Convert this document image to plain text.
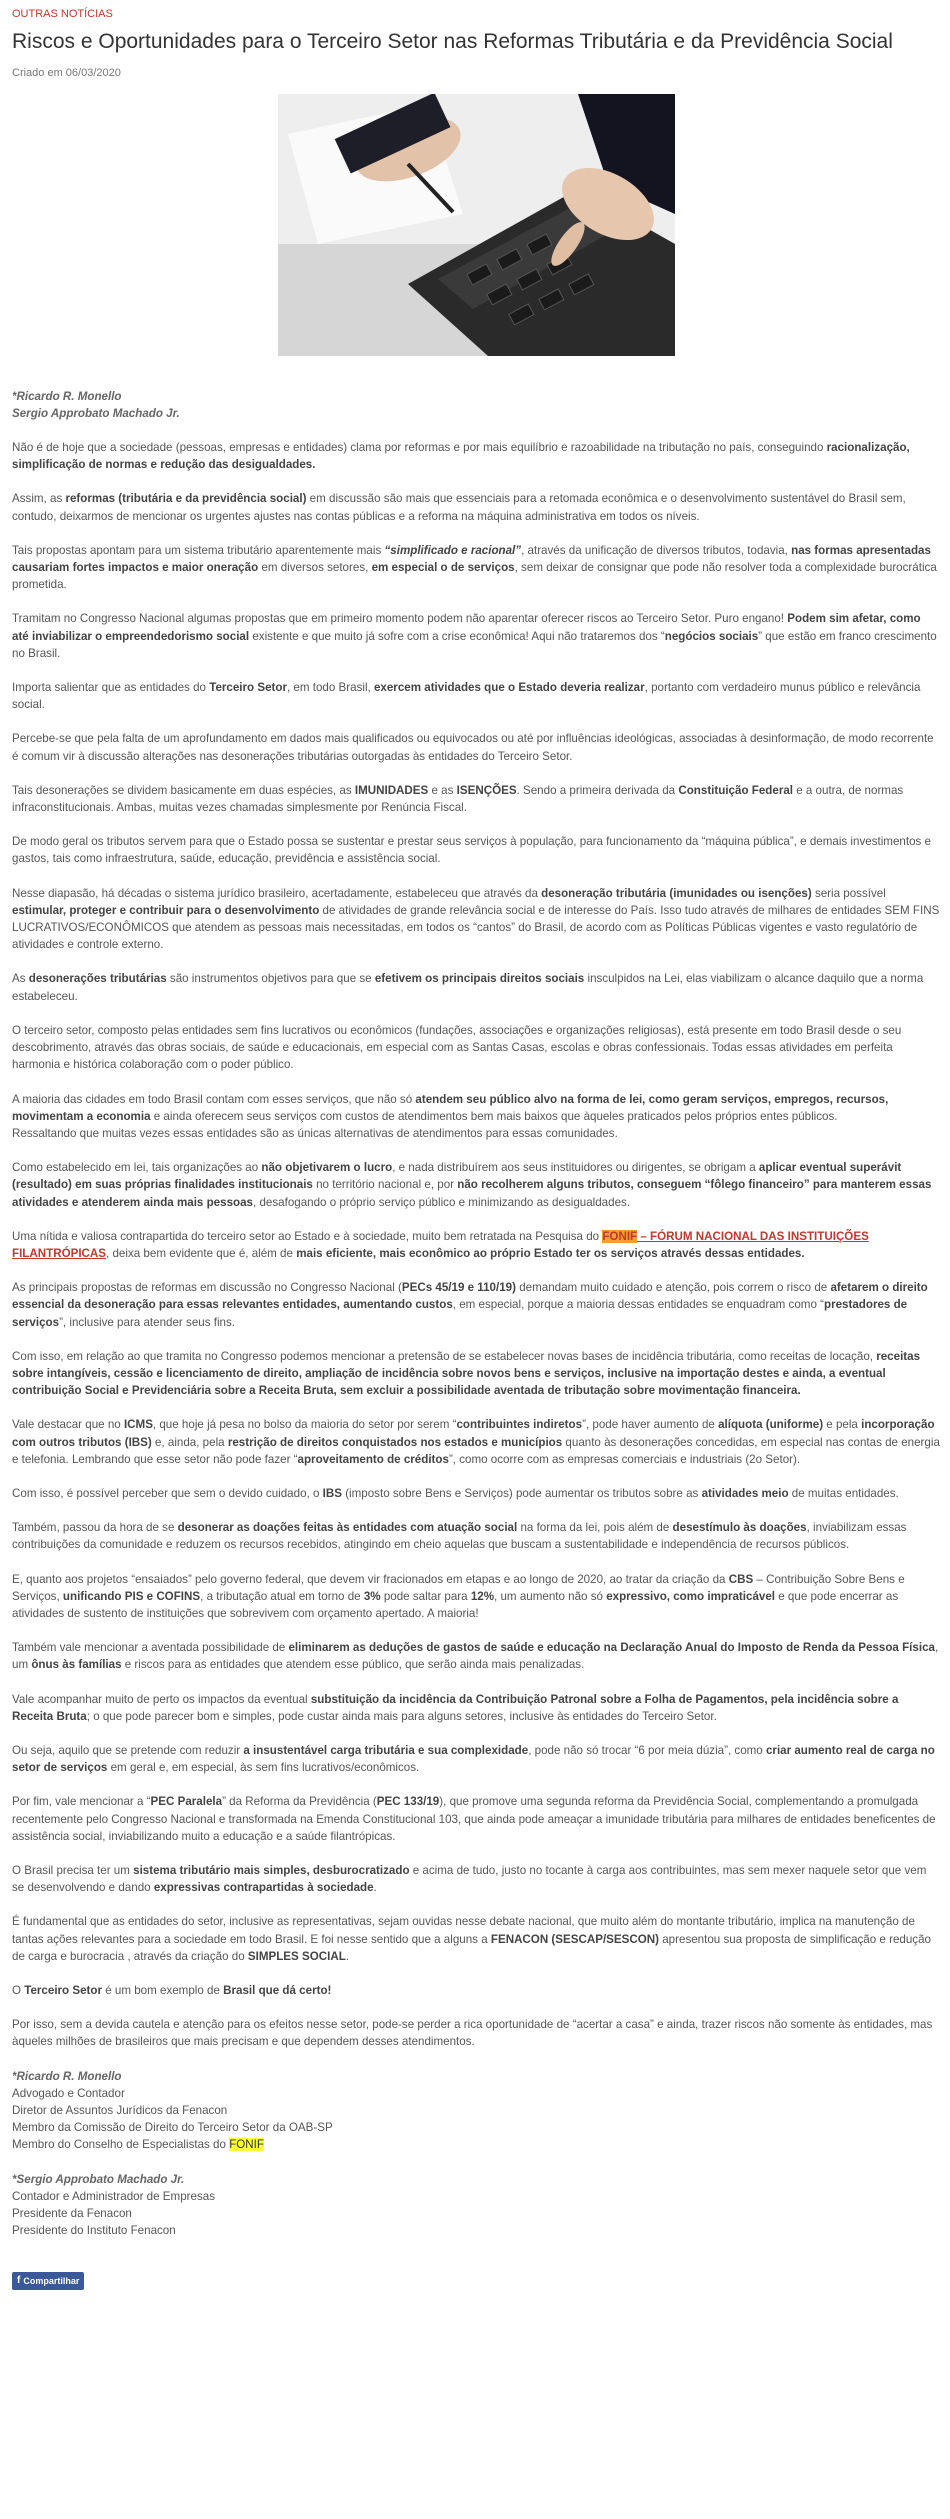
OUTRAS NOTÍCIAS
Riscos e Oportunidades para o Terceiro Setor nas Reformas Tributária e da Previdência Social
Criado em 06/03/2020
*Ricardo R. Monello
Sergio Approbato Machado Jr.
Não é de hoje que a sociedade (pessoas, empresas e entidades) clama por reformas e por mais equilíbrio e razoabilidade na tributação no país, conseguindo racionalização, simplificação de normas e redução das desigualdades.
Assim, as reformas (tributária e da previdência social) em discussão são mais que essenciais para a retomada econômica e o desenvolvimento sustentável do Brasil sem, contudo, deixarmos de mencionar os urgentes ajustes nas contas públicas e a reforma na máquina administrativa em todos os níveis.
Tais propostas apontam para um sistema tributário aparentemente mais “simplificado e racional”, através da unificação de diversos tributos, todavia, nas formas apresentadas causariam fortes impactos e maior oneração em diversos setores, em especial o de serviços, sem deixar de consignar que pode não resolver toda a complexidade burocrática prometida.
Tramitam no Congresso Nacional algumas propostas que em primeiro momento podem não aparentar oferecer riscos ao Terceiro Setor. Puro engano! Podem sim afetar, como até inviabilizar o empreendedorismo social existente e que muito já sofre com a crise econômica! Aqui não trataremos dos “negócios sociais” que estão em franco crescimento no Brasil.
Importa salientar que as entidades do Terceiro Setor, em todo Brasil, exercem atividades que o Estado deveria realizar, portanto com verdadeiro munus público e relevância social.
Percebe-se que pela falta de um aprofundamento em dados mais qualificados ou equivocados ou até por influências ideológicas, associadas à desinformação, de modo recorrente é comum vir à discussão alterações nas desonerações tributárias outorgadas às entidades do Terceiro Setor.
Tais desonerações se dividem basicamente em duas espécies, as IMUNIDADES e as ISENÇÕES. Sendo a primeira derivada da Constituição Federal e a outra, de normas infraconstitucionais. Ambas, muitas vezes chamadas simplesmente por Renúncia Fiscal.
De modo geral os tributos servem para que o Estado possa se sustentar e prestar seus serviços à população, para funcionamento da “máquina pública”, e demais investimentos e gastos, tais como infraestrutura, saúde, educação, previdência e assistência social.
Nesse diapasão, há décadas o sistema jurídico brasileiro, acertadamente, estabeleceu que através da desoneração tributária (imunidades ou isenções) seria possível estimular, proteger e contribuir para o desenvolvimento de atividades de grande relevância social e de interesse do País. Isso tudo através de milhares de entidades SEM FINS LUCRATIVOS/ECONÔMICOS que atendem as pessoas mais necessitadas, em todos os “cantos” do Brasil, de acordo com as Políticas Públicas vigentes e vasto regulatório de atividades e controle externo.
As desonerações tributárias são instrumentos objetivos para que se efetivem os principais direitos sociais insculpidos na Lei, elas viabilizam o alcance daquilo que a norma estabeleceu.
O terceiro setor, composto pelas entidades sem fins lucrativos ou econômicos (fundações, associações e organizações religiosas), está presente em todo Brasil desde o seu descobrimento, através das obras sociais, de saúde e educacionais, em especial com as Santas Casas, escolas e obras confessionais. Todas essas atividades em perfeita harmonia e histórica colaboração com o poder público.
A maioria das cidades em todo Brasil contam com esses serviços, que não só atendem seu público alvo na forma de lei, como geram serviços, empregos, recursos, movimentam a economia e ainda oferecem seus serviços com custos de atendimentos bem mais baixos que àqueles praticados pelos próprios entes públicos.
Ressaltando que muitas vezes essas entidades são as únicas alternativas de atendimentos para essas comunidades.
Como estabelecido em lei, tais organizações ao não objetivarem o lucro, e nada distribuírem aos seus instituidores ou dirigentes, se obrigam a aplicar eventual superávit (resultado) em suas próprias finalidades institucionais no território nacional e, por não recolherem alguns tributos, conseguem “fôlego financeiro” para manterem essas atividades e atenderem ainda mais pessoas, desafogando o próprio serviço público e minimizando as desigualdades.
Uma nítida e valiosa contrapartida do terceiro setor ao Estado e à sociedade, muito bem retratada na Pesquisa do FONIF – FÓRUM NACIONAL DAS INSTITUIÇÕES FILANTRÓPICAS, deixa bem evidente que é, além de mais eficiente, mais econômico ao próprio Estado ter os serviços através dessas entidades.
As principais propostas de reformas em discussão no Congresso Nacional (PECs 45/19 e 110/19) demandam muito cuidado e atenção, pois correm o risco de afetarem o direito essencial da desoneração para essas relevantes entidades, aumentando custos, em especial, porque a maioria dessas entidades se enquadram como “prestadores de serviços”, inclusive para atender seus fins.
Com isso, em relação ao que tramita no Congresso podemos mencionar a pretensão de se estabelecer novas bases de incidência tributária, como receitas de locação, receitas sobre intangíveis, cessão e licenciamento de direito, ampliação de incidência sobre novos bens e serviços, inclusive na importação destes e ainda, a eventual contribuição Social e Previdenciária sobre a Receita Bruta, sem excluir a possibilidade aventada de tributação sobre movimentação financeira.
Vale destacar que no ICMS, que hoje já pesa no bolso da maioria do setor por serem “contribuintes indiretos”, pode haver aumento de alíquota (uniforme) e pela incorporação com outros tributos (IBS) e, ainda, pela restrição de direitos conquistados nos estados e municípios quanto às desonerações concedidas, em especial nas contas de energia e telefonia. Lembrando que esse setor não pode fazer “aproveitamento de créditos”, como ocorre com as empresas comerciais e industriais (2o Setor).
Com isso, é possível perceber que sem o devido cuidado, o IBS (imposto sobre Bens e Serviços) pode aumentar os tributos sobre as atividades meio de muitas entidades.
Também, passou da hora de se desonerar as doações feitas às entidades com atuação social na forma da lei, pois além de desestímulo às doações, inviabilizam essas contribuições da comunidade e reduzem os recursos recebidos, atingindo em cheio aquelas que buscam a sustentabilidade e independência de recursos públicos.
E, quanto aos projetos “ensaiados” pelo governo federal, que devem vir fracionados em etapas e ao longo de 2020, ao tratar da criação da CBS – Contribuição Sobre Bens e Serviços, unificando PIS e COFINS, a tributação atual em torno de 3% pode saltar para 12%, um aumento não só expressivo, como impraticável e que pode encerrar as atividades de sustento de instituições que sobrevivem com orçamento apertado. A maioria!
Também vale mencionar a aventada possibilidade de eliminarem as deduções de gastos de saúde e educação na Declaração Anual do Imposto de Renda da Pessoa Física, um ônus às famílias e riscos para as entidades que atendem esse público, que serão ainda mais penalizadas.
Vale acompanhar muito de perto os impactos da eventual substituição da incidência da Contribuição Patronal sobre a Folha de Pagamentos, pela incidência sobre a Receita Bruta; o que pode parecer bom e simples, pode custar ainda mais para alguns setores, inclusive às entidades do Terceiro Setor.
Ou seja, aquilo que se pretende com reduzir a insustentável carga tributária e sua complexidade, pode não só trocar “6 por meia dúzia”, como criar aumento real de carga no setor de serviços em geral e, em especial, às sem fins lucrativos/econômicos.
Por fim, vale mencionar a “PEC Paralela” da Reforma da Previdência (PEC 133/19), que promove uma segunda reforma da Previdência Social, complementando a promulgada recentemente pelo Congresso Nacional e transformada na Emenda Constitucional 103, que ainda pode ameaçar a imunidade tributária para milhares de entidades beneficentes de assistência social, inviabilizando muito a educação e a saúde filantrópicas.
O Brasil precisa ter um sistema tributário mais simples, desburocratizado e acima de tudo, justo no tocante à carga aos contribuintes, mas sem mexer naquele setor que vem se desenvolvendo e dando expressivas contrapartidas à sociedade.
É fundamental que as entidades do setor, inclusive as representativas, sejam ouvidas nesse debate nacional, que muito além do montante tributário, implica na manutenção de tantas ações relevantes para a sociedade em todo Brasil. E foi nesse sentido que a alguns a FENACON (SESCAP/SESCON) apresentou sua proposta de simplificação e redução de carga e burocracia , através da criação do SIMPLES SOCIAL.
O Terceiro Setor é um bom exemplo de Brasil que dá certo!
Por isso, sem a devida cautela e atenção para os efeitos nesse setor, pode-se perder a rica oportunidade de “acertar a casa” e ainda, trazer riscos não somente às entidades, mas àqueles milhões de brasileiros que mais precisam e que dependem desses atendimentos.
*Ricardo R. Monello
Advogado e Contador
Diretor de Assuntos Jurídicos da Fenacon
Membro da Comissão de Direito do Terceiro Setor da OAB-SP
Membro do Conselho de Especialistas do FONIF
*Sergio Approbato Machado Jr.
Contador e Administrador de Empresas
Presidente da Fenacon
Presidente do Instituto Fenacon
f Compartilhar
